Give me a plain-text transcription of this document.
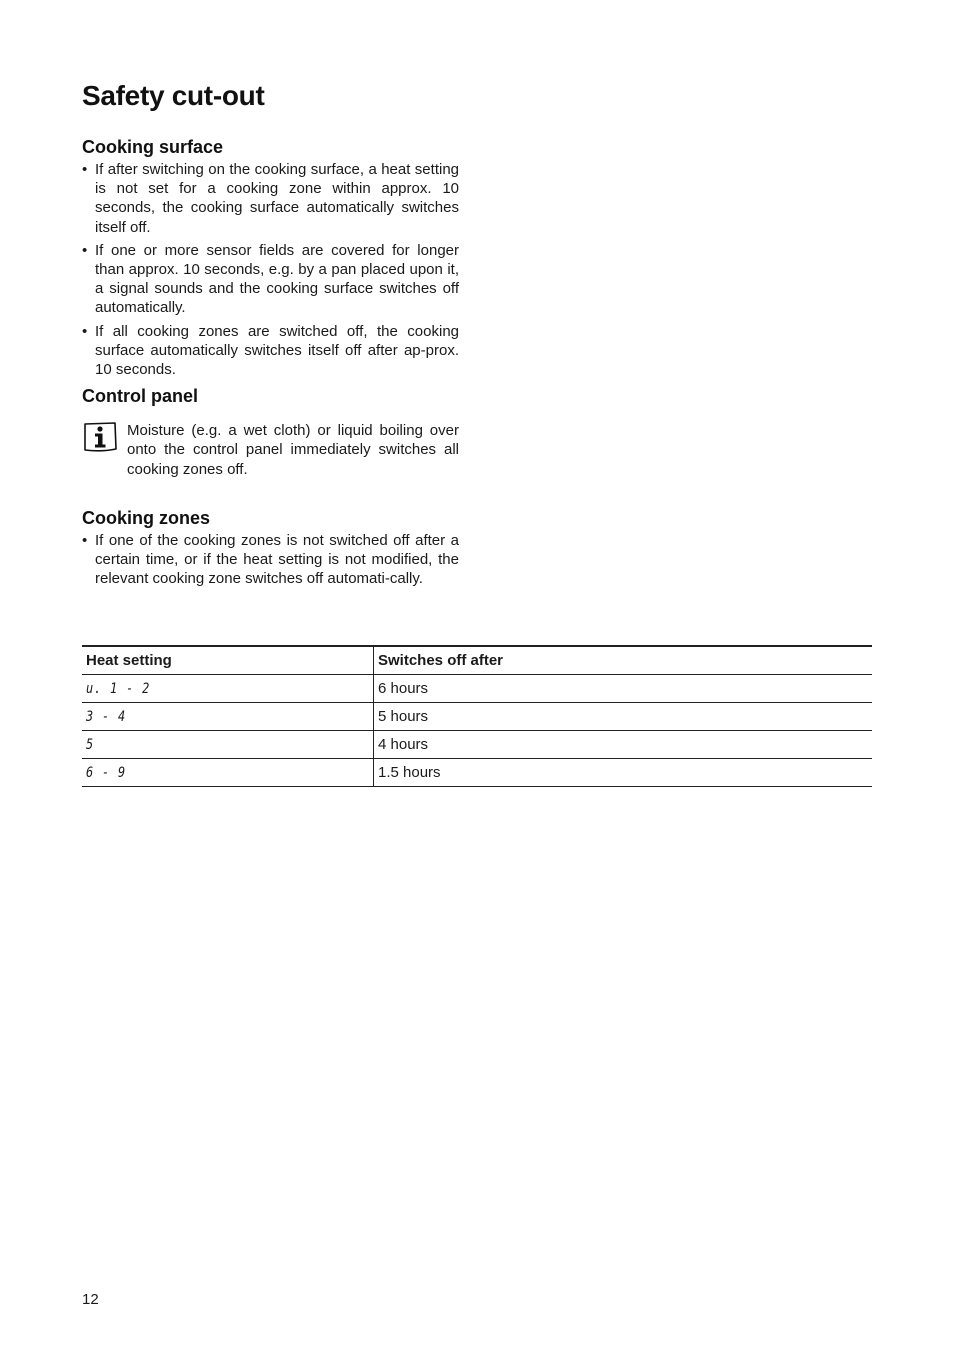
Safety cut-out
Cooking surface
• If after switching on the cooking surface, a heat setting is not set for a cooking zone within approx. 10 seconds, the cooking surface automatically switches itself off.
• If one or more sensor fields are covered for longer than approx. 10 seconds, e.g. by a pan placed upon it, a signal sounds and the cooking surface switches off automatically.
• If all cooking zones are switched off, the cooking surface automatically switches itself off after ap-prox. 10 seconds.
Control panel

Moisture (e.g. a wet cloth) or liquid boiling over onto the control panel immediately switches all cooking zones off.

Cooking zones
• If one of the cooking zones is not switched off after a certain time, or if the heat setting is not modified, the relevant cooking zone switches off automati-cally.
Heat setting	Switches off after
u. 1 - 2	6 hours
3 - 4	5 hours
5	4 hours
6 - 9	1.5 hours
12
